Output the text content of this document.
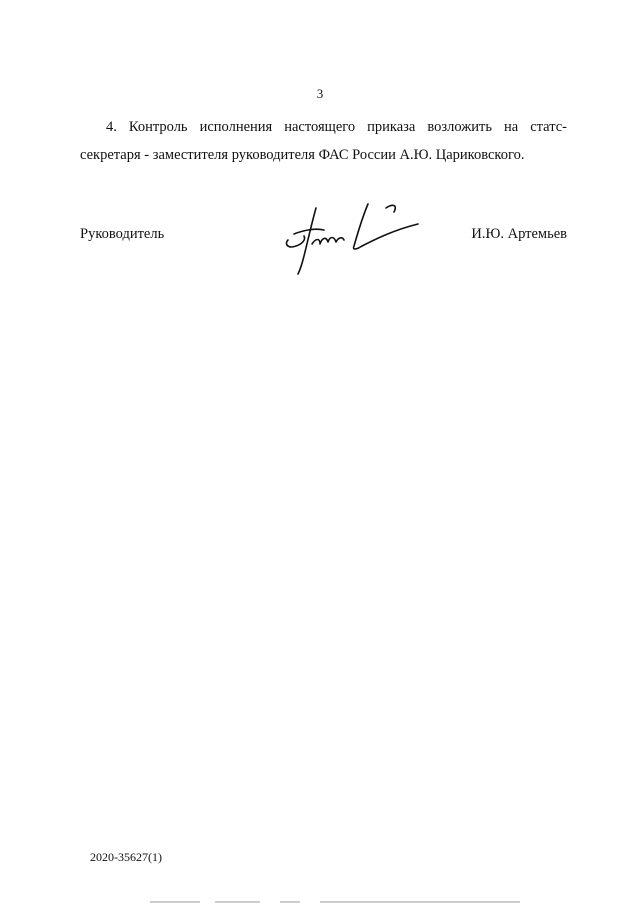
3

4. Контроль исполнения настоящего приказа возложить на статс-
секретаря - заместителя руководителя ФАС России А.Ю. Цариковского.

Руководитель	И.Ю. Артемьев
2020-35627(1)
